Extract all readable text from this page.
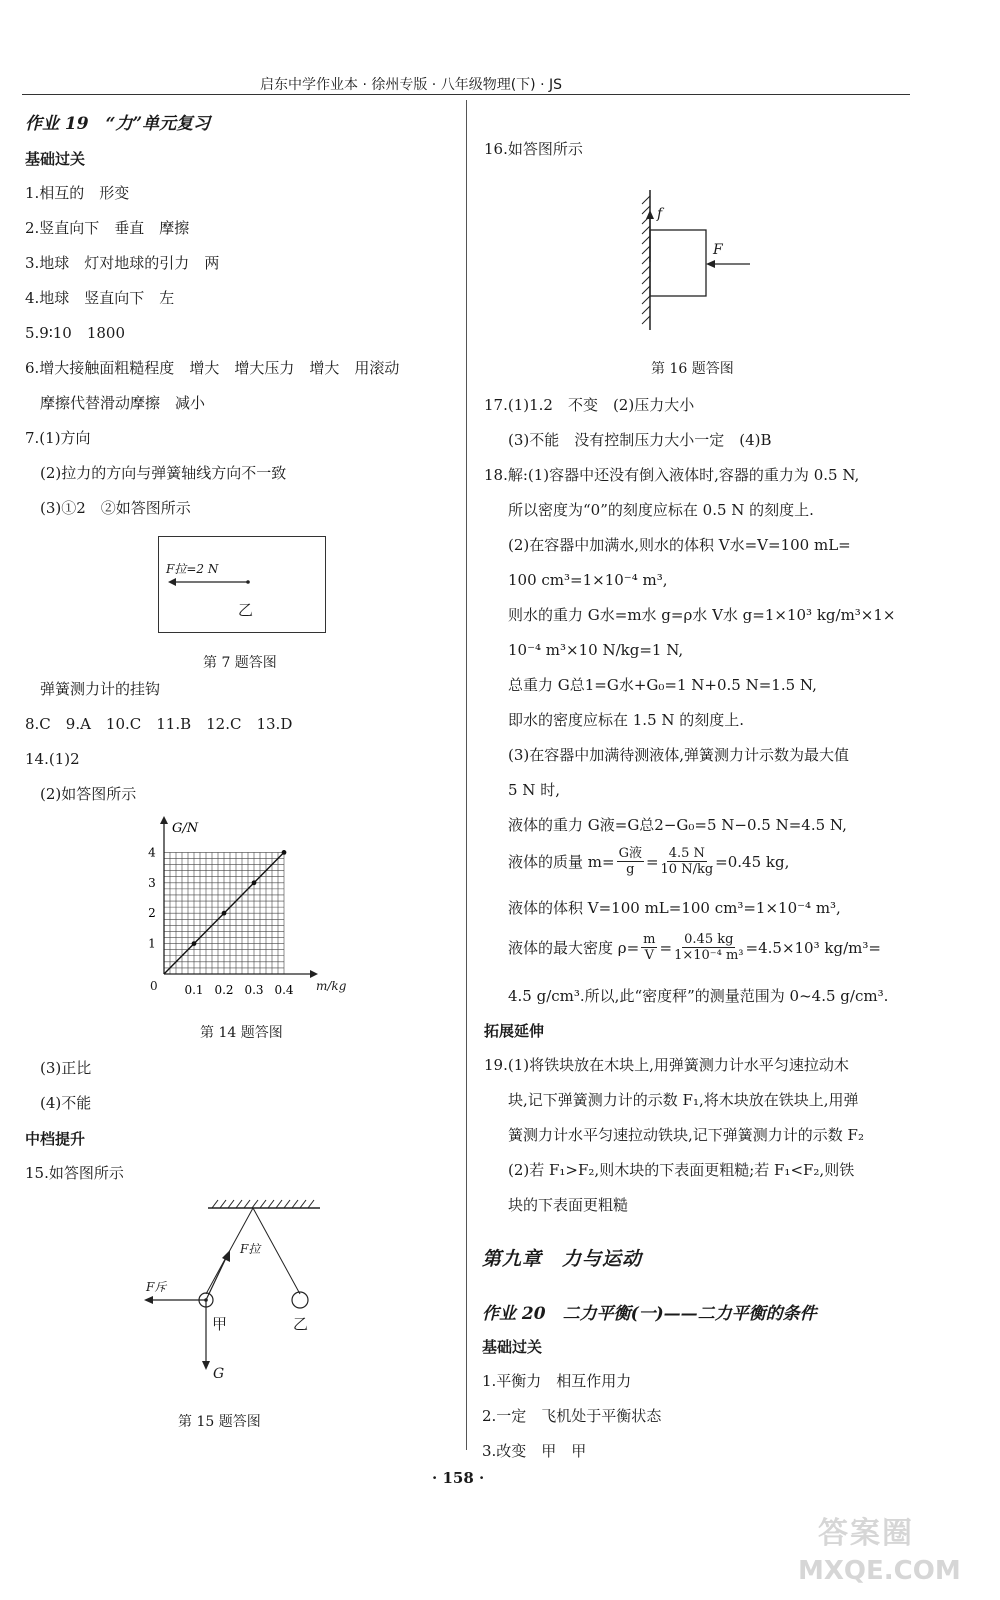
启东中学作业本 · 徐州专版 · 八年级物理(下) · JS
作业 19　“力”单元复习
基础过关
1.相互的　形变
2.竖直向下　垂直　摩擦
3.地球　灯对地球的引力　两
4.地球　竖直向下　左
5.9∶10　1800
6.增大接触面粗糙程度　增大　增大压力　增大　用滚动
摩擦代替滑动摩擦　减小
7.(1)方向
(2)拉力的方向与弹簧轴线方向不一致
(3)①2　②如答图所示
F拉=2 N
乙
第 7 题答图
弹簧测力计的挂钩
8.C　9.A　10.C　11.B　12.C　13.D
14.(1)2
(2)如答图所示
G/N
1
2
3
4
0.1 0.2 0.3 0.4
0	m/kg
第 14 题答图
(3)正比
(4)不能
中档提升
15.如答图所示
F斥
F拉
甲	乙
G
第 15 题答图
16.如答图所示
f
F
第 16 题答图
17.(1)1.2　不变　(2)压力大小
(3)不能　没有控制压力大小一定　(4)B
18.解:(1)容器中还没有倒入液体时,容器的重力为 0.5 N,
所以密度为“0”的刻度应标在 0.5 N 的刻度上.
(2)在容器中加满水,则水的体积 V水=V=100 mL=
100 cm³=1×10⁻⁴ m³,
则水的重力 G水=m水 g=ρ水 V水 g=1×10³ kg/m³×1×
10⁻⁴ m³×10 N/kg=1 N,
总重力 G总1=G水+G₀=1 N+0.5 N=1.5 N,
即水的密度应标在 1.5 N 的刻度上.
(3)在容器中加满待测液体,弹簧测力计示数为最大值
5 N 时,
液体的重力 G液=G总2−G₀=5 N−0.5 N=4.5 N,
液体的质量 m= G液
$g = \frac{4.5 N}{10 N/kg} =0.45$ kg,
液体的体积 V=100 mL=100 cm³=1×10⁻⁴ m³,
液体的最大密度 $\rho= \frac{m}{V} = \frac{0.45 kg}{\text{1×10⁻⁴ m³}} =4.5\times 10^3$ kg/m³=
4.5 g/cm³.所以,此“密度秤”的测量范围为 0~4.5 g/cm³.
拓展延伸
19.(1)将铁块放在木块上,用弹簧测力计水平匀速拉动木
块,记下弹簧测力计的示数 F₁,将木块放在铁块上,用弹
簧测力计水平匀速拉动铁块,记下弹簧测力计的示数 F₂
(2)若 F₁>F₂,则木块的下表面更粗糙;若 F₁<F₂,则铁
块的下表面更粗糙
第九章　力与运动
作业 20　二力平衡(一)——二力平衡的条件
基础过关
1.平衡力　相互作用力
2.一定　飞机处于平衡状态
3.改变　甲　甲
· 158 ·
答案圈
MXQE.COM
